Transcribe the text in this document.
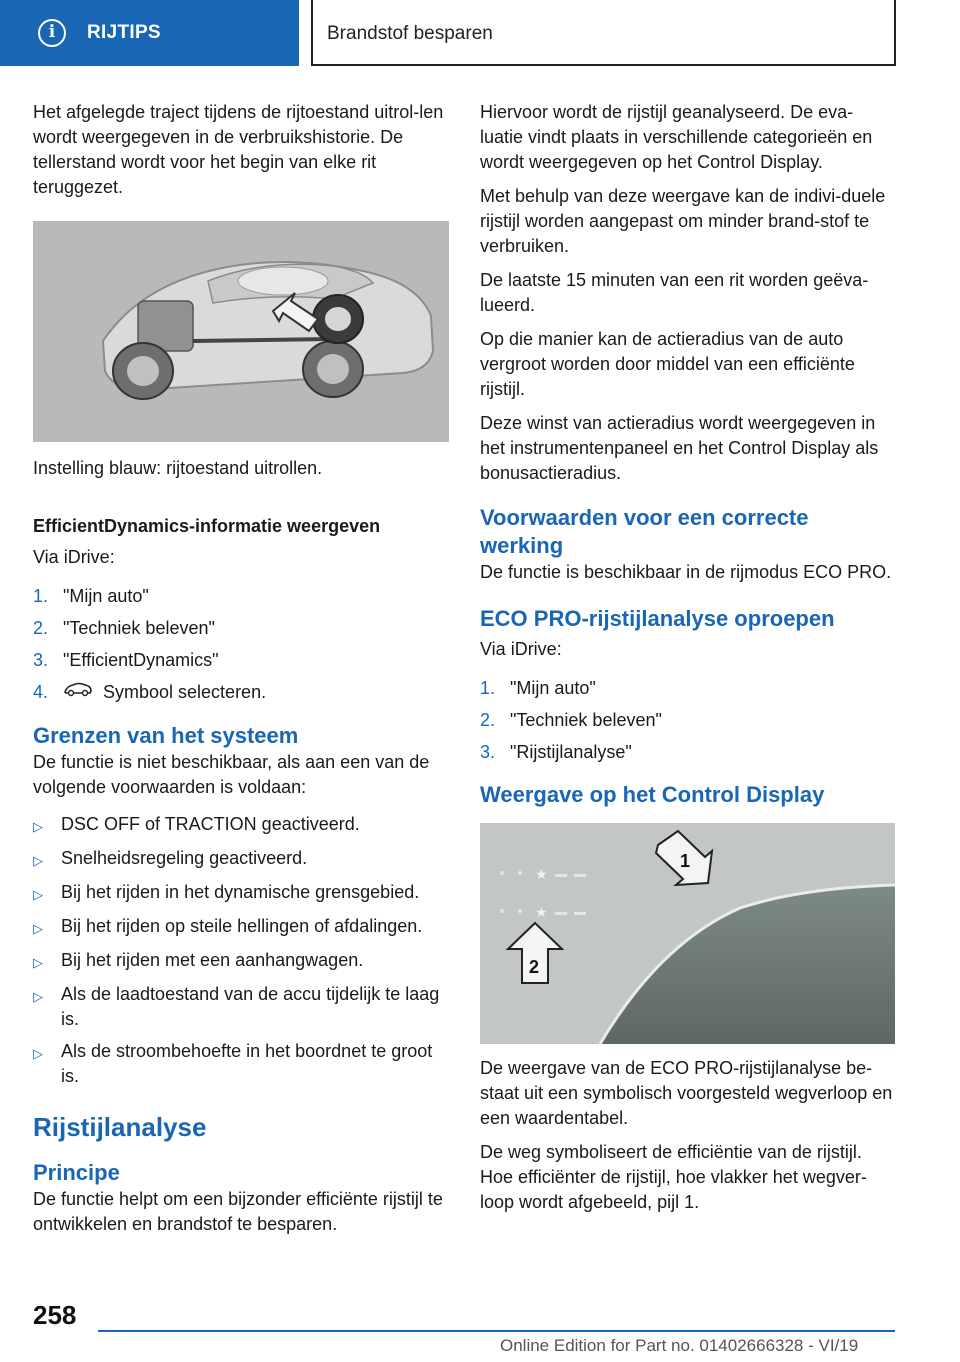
i	RIJTIPS	Brandstof besparen

Het afgelegde traject tijdens de rijtoestand uitrol-len wordt weergegeven in de verbruikshistorie. De tellerstand wordt voor het begin van elke rit teruggezet.

Instelling blauw: rijtoestand uitrollen.

EfficientDynamics-informatie weergeven

Via iDrive:

1. "Mijn auto"
2. "Techniek beleven"
3. "EfficientDynamics"
4.	Symbool selecteren.
Grenzen van het systeem

De functie is niet beschikbaar, als aan een van de volgende voorwaarden is voldaan:

▷	DSC OFF of TRACTION geactiveerd.
▷	Snelheidsregeling geactiveerd.
▷	Bij het rijden in het dynamische grensgebied.
▷	Bij het rijden op steile hellingen of afdalingen.
▷	Bij het rijden met een aanhangwagen.
▷	Als de laadtoestand van de accu tijdelijk te laag is.
▷	Als de stroombehoefte in het boordnet te groot is.
Rijstijlanalyse
Principe

De functie helpt om een bijzonder efficiënte rijstijl te ontwikkelen en brandstof te besparen.

Hiervoor wordt de rijstijl geanalyseerd. De eva-luatie vindt plaats in verschillende categorieën en wordt weergegeven op het Control Display.

Met behulp van deze weergave kan de indivi-duele rijstijl worden aangepast om minder brand-stof te verbruiken.

De laatste 15 minuten van een rit worden geëva-lueerd.

Op die manier kan de actieradius van de auto vergroot worden door middel van een efficiënte rijstijl.

Deze winst van actieradius wordt weergegeven in het instrumentenpaneel en het Control Display als bonusactieradius.

Voorwaarden voor een correcte werking

De functie is beschikbaar in de rijmodus ECO PRO.

ECO PRO-rijstijlanalyse oproepen

Via iDrive:

1. "Mijn auto"
2. "Techniek beleven"
3. "Rijstijlanalyse"
Weergave op het Control Display
★
★
1
2

De weergave van de ECO PRO-rijstijlanalyse be-staat uit een symbolisch voorgesteld wegverloop en een waardentabel.

De weg symboliseert de efficiëntie van de rijstijl. Hoe efficiënter de rijstijl, hoe vlakker het wegver-loop wordt afgebeeld, pijl 1.

258
Online Edition for Part no. 01402666328 - VI/19
